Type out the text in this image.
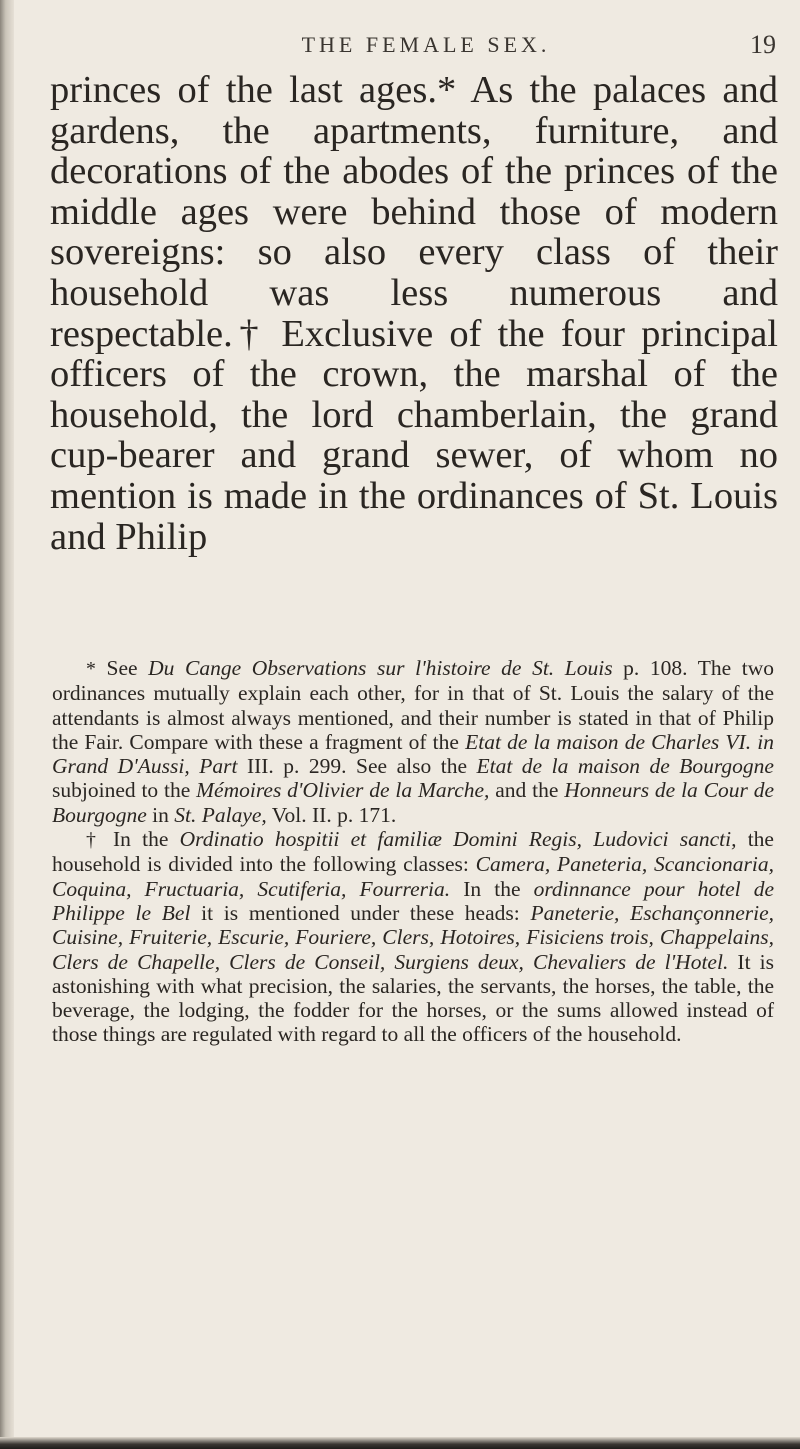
THE FEMALE SEX.	19

princes of the last ages.* As the palaces and gardens, the apartments, furniture, and decorations of the abodes of the princes of the middle ages were behind those of modern sovereigns: so also every class of their household was less numerous and respectable.† Exclusive of the four principal officers of the crown, the marshal of the household, the lord chamberlain, the grand cup-bearer and grand sewer, of whom no mention is made in the ordinances of St. Louis and Philip

* See Du Cange Observations sur l'histoire de St. Louis p. 108. The two ordinances mutually explain each other, for in that of St. Louis the salary of the attendants is almost always mentioned, and their number is stated in that of Philip the Fair. Compare with these a fragment of the Etat de la maison de Charles VI. in Grand D'Aussi, Part III. p. 299. See also the Etat de la maison de Bourgogne subjoined to the Mémoires d'Olivier de la Marche, and the Honneurs de la Cour de Bourgogne in St. Palaye, Vol. II. p. 171.

† In the Ordinatio hospitii et familiæ Domini Regis, Ludovici sancti, the household is divided into the following classes: Camera, Paneteria, Scancionaria, Coquina, Fructuaria, Scutiferia, Fourreria. In the ordinnance pour hotel de Philippe le Bel it is mentioned under these heads: Paneterie, Eschançonnerie, Cuisine, Fruiterie, Escurie, Fouriere, Clers, Hotoires, Fisiciens trois, Chappelains, Clers de Chapelle, Clers de Conseil, Surgiens deux, Chevaliers de l'Hotel. It is astonishing with what precision, the salaries, the servants, the horses, the table, the beverage, the lodging, the fodder for the horses, or the sums allowed instead of those things are regulated with regard to all the officers of the household.
